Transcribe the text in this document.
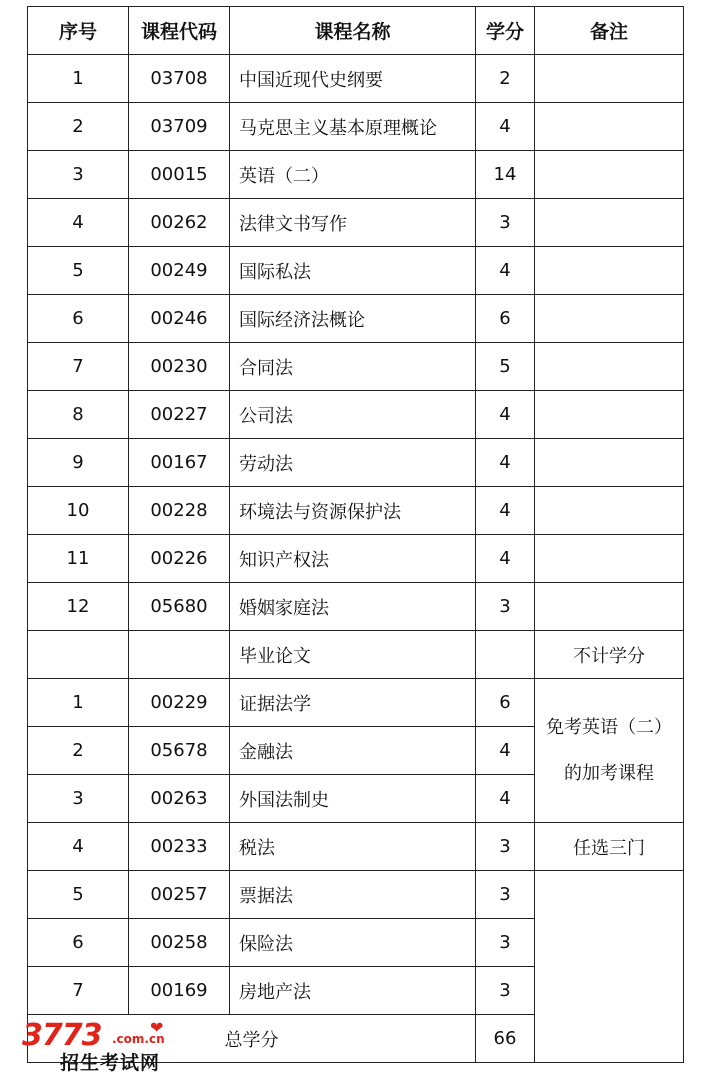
序号	课程代码	课程名称	学分	备注
1	03708	中国近现代史纲要	2	
2	03709	马克思主义基本原理概论	4	
3	00015	英语（二）	14	
4	00262	法律文书写作	3	
5	00249	国际私法	4	
6	00246	国际经济法概论	6	
7	00230	合同法	5	
8	00227	公司法	4	
9	00167	劳动法	4	
10	00228	环境法与资源保护法	4	
11	00226	知识产权法	4	
12	05680	婚姻家庭法	3	
		毕业论文		不计学分
1	00229	证据法学	6	免考英语（二）
的加考课程

2	05678	金融法	4	
3	00263	外国法制史	4	
4	00233	税法	3	任选三门
5	00257	票据法	3	
6	00258	保险法	3	
7	00169	房地产法	3	
总学分			66	
3773	❤
.com.cn
招生考试网
